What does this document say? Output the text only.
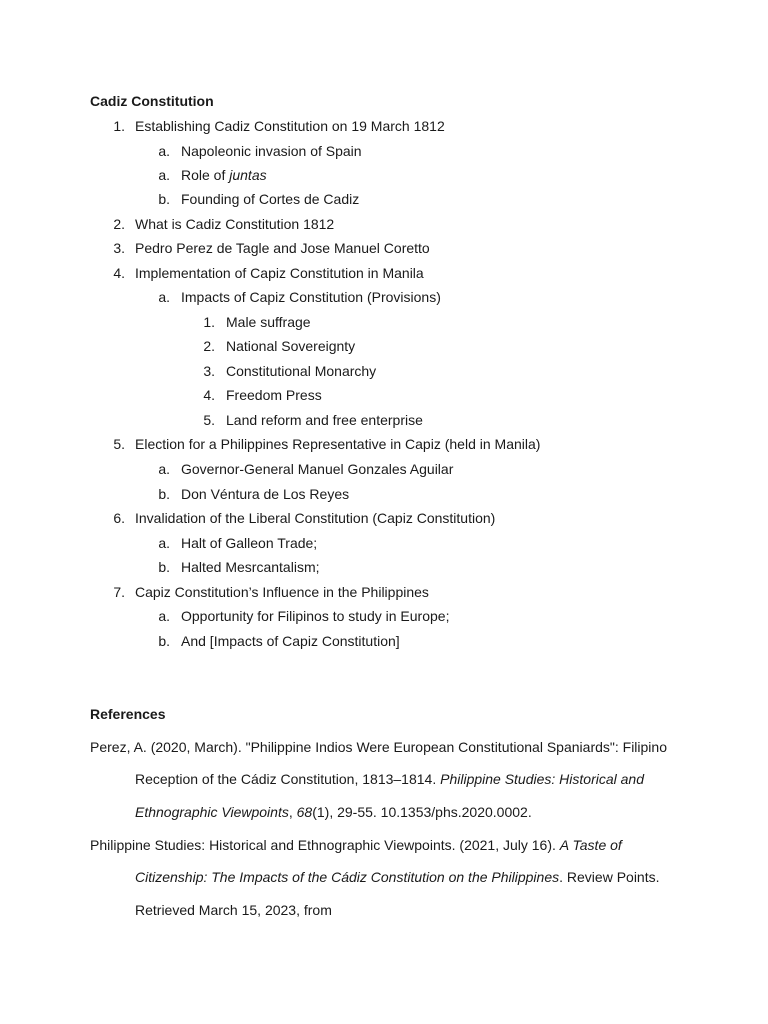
Cadiz Constitution
1. Establishing Cadiz Constitution on 19 March 1812
a. Napoleonic invasion of Spain
a. Role of juntas
b. Founding of Cortes de Cadiz
2. What is Cadiz Constitution 1812
3. Pedro Perez de Tagle and Jose Manuel Coretto
4. Implementation of Capiz Constitution in Manila
a. Impacts of Capiz Constitution (Provisions)
1. Male suffrage
2. National Sovereignty
3. Constitutional Monarchy
4. Freedom Press
5. Land reform and free enterprise
5. Election for a Philippines Representative in Capiz (held in Manila)
a. Governor-General Manuel Gonzales Aguilar
b. Don Véntura de Los Reyes
6. Invalidation of the Liberal Constitution (Capiz Constitution)
a. Halt of Galleon Trade;
b. Halted Mesrcantalism;
7. Capiz Constitution’s Influence in the Philippines
a. Opportunity for Filipinos to study in Europe;
b. And [Impacts of Capiz Constitution]
References
Perez, A. (2020, March). "Philippine Indios Were European Constitutional Spaniards": Filipino
Reception of the Cádiz Constitution, 1813–1814. Philippine Studies: Historical and
Ethnographic Viewpoints, 68(1), 29-55. 10.1353/phs.2020.0002.
Philippine Studies: Historical and Ethnographic Viewpoints. (2021, July 16). A Taste of
Citizenship: The Impacts of the Cádiz Constitution on the Philippines. Review Points.
Retrieved March 15, 2023, from
